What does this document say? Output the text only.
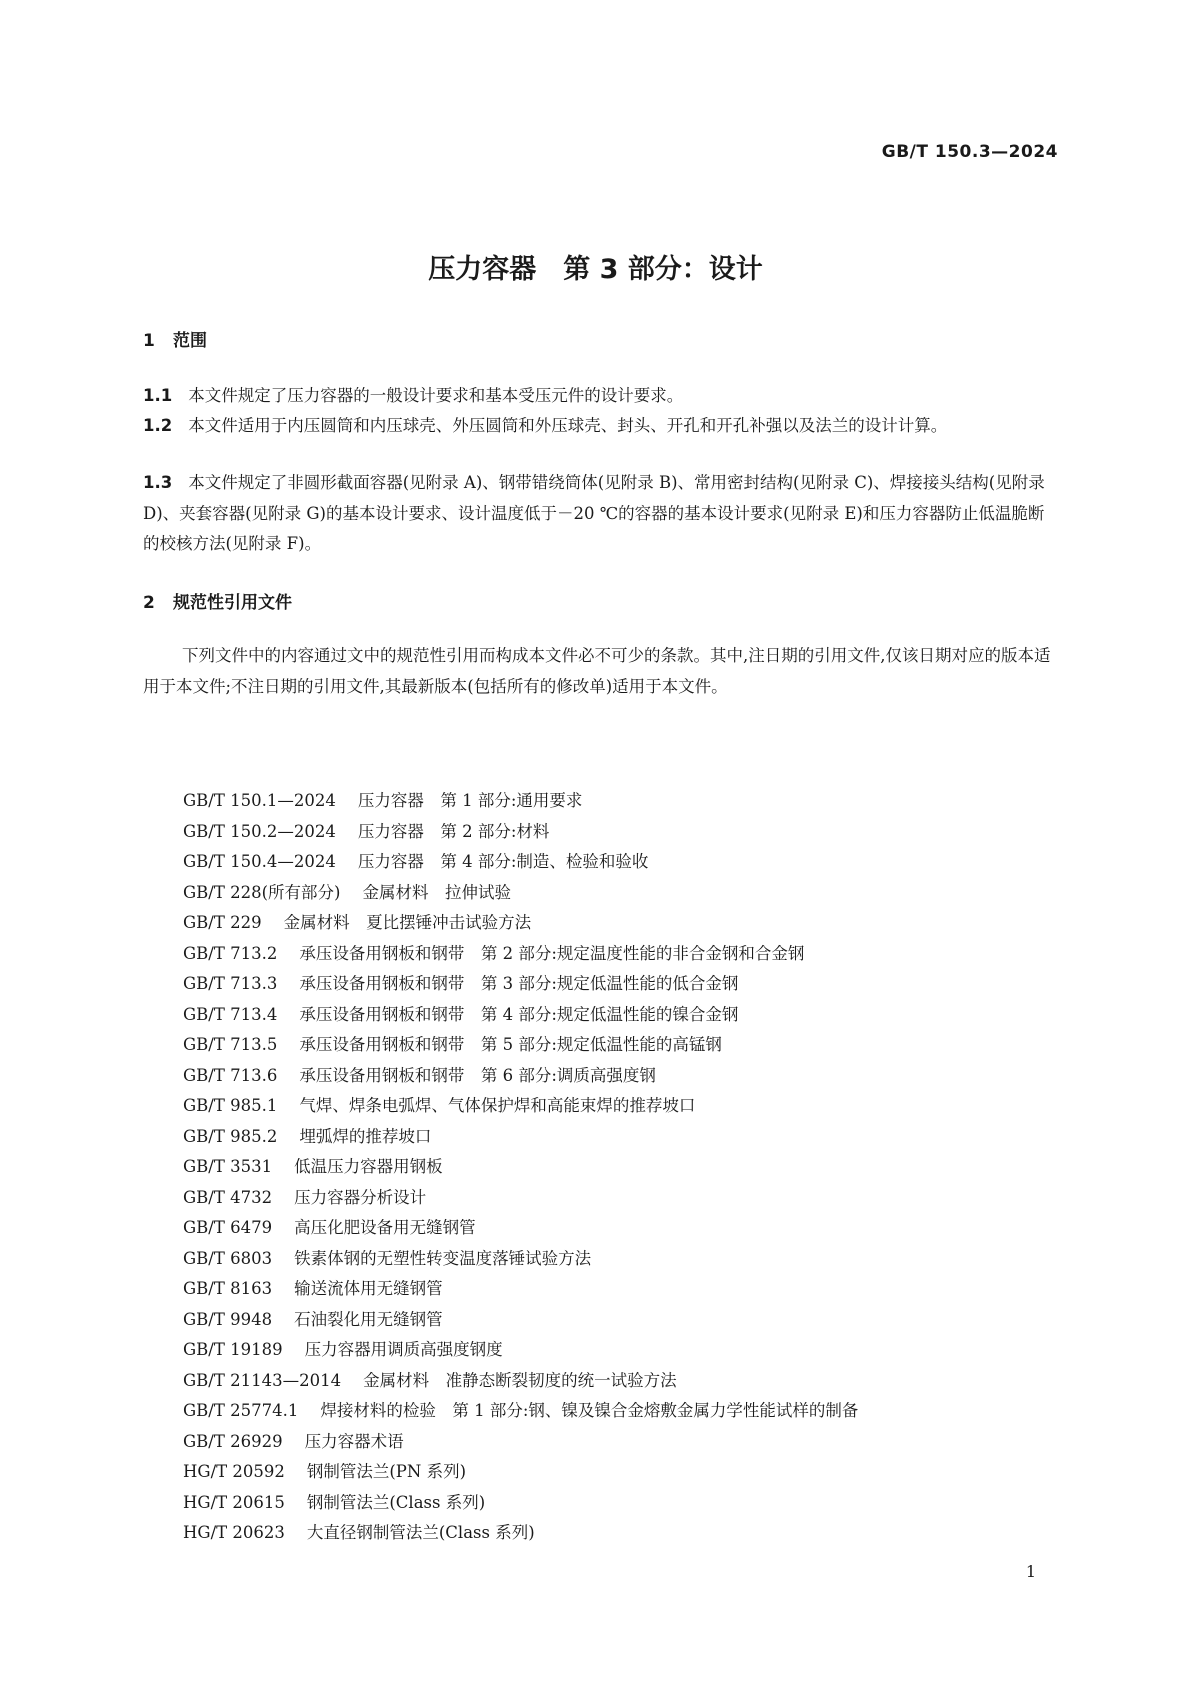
GB/T 150.3—2024
压力容器　第 3 部分：设计
1 范围

1.1 本文件规定了压力容器的一般设计要求和基本受压元件的设计要求。

1.2 本文件适用于内压圆筒和内压球壳、外压圆筒和外压球壳、封头、开孔和开孔补强以及法兰的设计计算。

1.3 本文件规定了非圆形截面容器(见附录 A)、钢带错绕筒体(见附录 B)、常用密封结构(见附录 C)、焊接接头结构(见附录 D)、夹套容器(见附录 G)的基本设计要求、设计温度低于－20 ℃的容器的基本设计要求(见附录 E)和压力容器防止低温脆断的校核方法(见附录 F)。

2 规范性引用文件

下列文件中的内容通过文中的规范性引用而构成本文件必不可少的条款。其中,注日期的引用文件,仅该日期对应的版本适用于本文件;不注日期的引用文件,其最新版本(包括所有的修改单)适用于本文件。

GB/T 150.1—2024 压力容器　第 1 部分:通用要求
GB/T 150.2—2024 压力容器　第 2 部分:材料
GB/T 150.4—2024 压力容器　第 4 部分:制造、检验和验收
GB/T 228(所有部分) 金属材料　拉伸试验
GB/T 229 金属材料　夏比摆锤冲击试验方法
GB/T 713.2 承压设备用钢板和钢带　第 2 部分:规定温度性能的非合金钢和合金钢
GB/T 713.3 承压设备用钢板和钢带　第 3 部分:规定低温性能的低合金钢
GB/T 713.4 承压设备用钢板和钢带　第 4 部分:规定低温性能的镍合金钢
GB/T 713.5 承压设备用钢板和钢带　第 5 部分:规定低温性能的高锰钢
GB/T 713.6 承压设备用钢板和钢带　第 6 部分:调质高强度钢
GB/T 985.1 气焊、焊条电弧焊、气体保护焊和高能束焊的推荐坡口
GB/T 985.2 埋弧焊的推荐坡口
GB/T 3531 低温压力容器用钢板
GB/T 4732 压力容器分析设计
GB/T 6479 高压化肥设备用无缝钢管
GB/T 6803 铁素体钢的无塑性转变温度落锤试验方法
GB/T 8163 输送流体用无缝钢管
GB/T 9948 石油裂化用无缝钢管
GB/T 19189 压力容器用调质高强度钢度
GB/T 21143—2014 金属材料　准静态断裂韧度的统一试验方法
GB/T 25774.1 焊接材料的检验　第 1 部分:钢、镍及镍合金熔敷金属力学性能试样的制备
GB/T 26929 压力容器术语
HG/T 20592 钢制管法兰(PN 系列)
HG/T 20615 钢制管法兰(Class 系列)
HG/T 20623 大直径钢制管法兰(Class 系列)
1
